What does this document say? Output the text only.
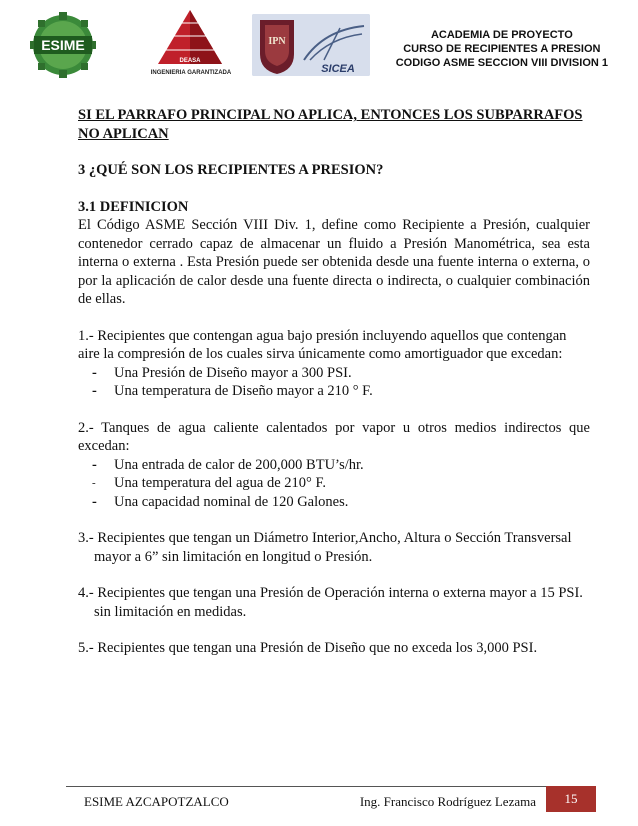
ESIME
DEASA
INGENIERIA GARANTIZADA
IPN
SICEA
ACADEMIA DE PROYECTO
CURSO DE RECIPIENTES A PRESION
CODIGO ASME SECCION VIII DIVISION 1

SI EL PARRAFO PRINCIPAL NO APLICA, ENTONCES LOS SUBPARRAFOS NO APLICAN

3 ¿QUÉ SON LOS RECIPIENTES A PRESION?

3.1 DEFINICION

El Código ASME Sección VIII Div. 1, define como Recipiente a Presión, cualquier contenedor cerrado capaz de almacenar un fluido a Presión Manométrica, sea esta interna o externa . Esta Presión puede ser obtenida desde una fuente interna o externa, o por la aplicación de calor desde una fuente directa o indirecta, o cualquier combinación de ellas.

1.- Recipientes que contengan agua bajo presión incluyendo aquellos que contengan aire la compresión de los cuales sirva únicamente como amortiguador que excedan:

- Una Presión de Diseño mayor a 300 PSI.
- Una temperatura de Diseño mayor a 210 ° F.

2.- Tanques de agua caliente calentados por vapor u otros medios indirectos que excedan:

- Una entrada de calor de 200,000 BTU’s/hr.
- Una temperatura del agua de 210° F.
- Una capacidad nominal de 120 Galones.

3.- Recipientes que tengan un Diámetro Interior,Ancho, Altura o Sección Transversal

mayor a 6” sin limitación en longitud o Presión.

4.- Recipientes que tengan una Presión de Operación interna o externa mayor a 15 PSI.

sin limitación en medidas.

5.- Recipientes que tengan una Presión de Diseño que no exceda los 3,000 PSI.

ESIME AZCAPOTZALCO	Ing. Francisco Rodríguez Lezama	15
